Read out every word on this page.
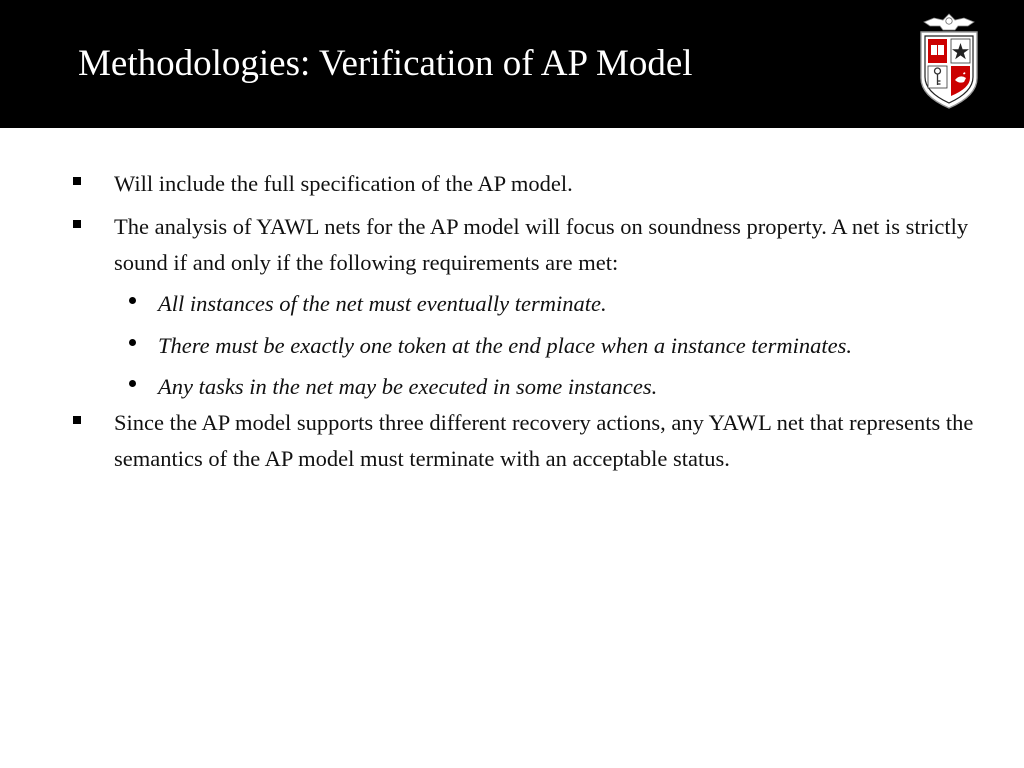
Methodologies: Verification of AP Model

Will include the full specification of the AP model.

The analysis of YAWL nets for the AP model will focus on soundness property. A net is strictly sound if and only if the following requirements are met:

All instances of the net must eventually terminate.

There must be exactly one token at the end place when a instance terminates.

Any tasks in the net may be executed in some instances.

Since the AP model supports three different recovery actions, any YAWL net that represents the semantics of the AP model must terminate with an acceptable status.
